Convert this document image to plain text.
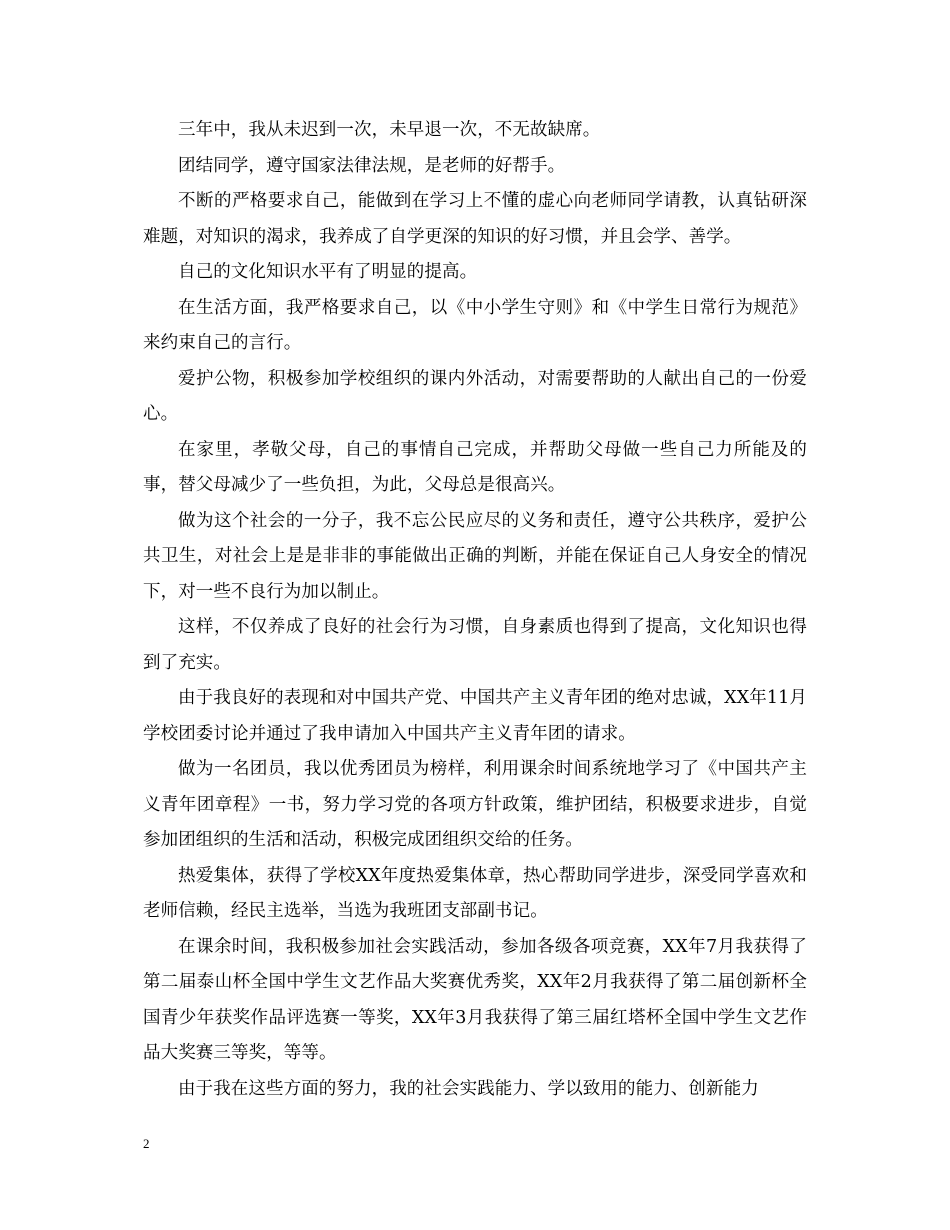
三年中，我从未迟到一次，未早退一次，不无故缺席。

团结同学，遵守国家法律法规，是老师的好帮手。

不断的严格要求自己，能做到在学习上不懂的虚心向老师同学请教，认真钻研深难题，对知识的渴求，我养成了自学更深的知识的好习惯，并且会学、善学。

自己的文化知识水平有了明显的提高。

在生活方面，我严格要求自己，以《中小学生守则》和《中学生日常行为规范》来约束自己的言行。

爱护公物，积极参加学校组织的课内外活动，对需要帮助的人献出自己的一份爱心。

在家里，孝敬父母，自己的事情自己完成，并帮助父母做一些自己力所能及的事，替父母减少了一些负担，为此，父母总是很高兴。

做为这个社会的一分子，我不忘公民应尽的义务和责任，遵守公共秩序，爱护公共卫生，对社会上是是非非的事能做出正确的判断，并能在保证自己人身安全的情况下，对一些不良行为加以制止。

这样，不仅养成了良好的社会行为习惯，自身素质也得到了提高，文化知识也得到了充实。

由于我良好的表现和对中国共产党、中国共产主义青年团的绝对忠诚，XX年11月学校团委讨论并通过了我申请加入中国共产主义青年团的请求。

做为一名团员，我以优秀团员为榜样，利用课余时间系统地学习了《中国共产主义青年团章程》一书，努力学习党的各项方针政策，维护团结，积极要求进步，自觉参加团组织的生活和活动，积极完成团组织交给的任务。

热爱集体，获得了学校XX年度热爱集体章，热心帮助同学进步，深受同学喜欢和老师信赖，经民主选举，当选为我班团支部副书记。

在课余时间，我积极参加社会实践活动，参加各级各项竞赛，XX年7月我获得了第二届泰山杯全国中学生文艺作品大奖赛优秀奖，XX年2月我获得了第二届创新杯全国青少年获奖作品评选赛一等奖，XX年3月我获得了第三届红塔杯全国中学生文艺作品大奖赛三等奖，等等。

由于我在这些方面的努力，我的社会实践能力、学以致用的能力、创新能力

2
